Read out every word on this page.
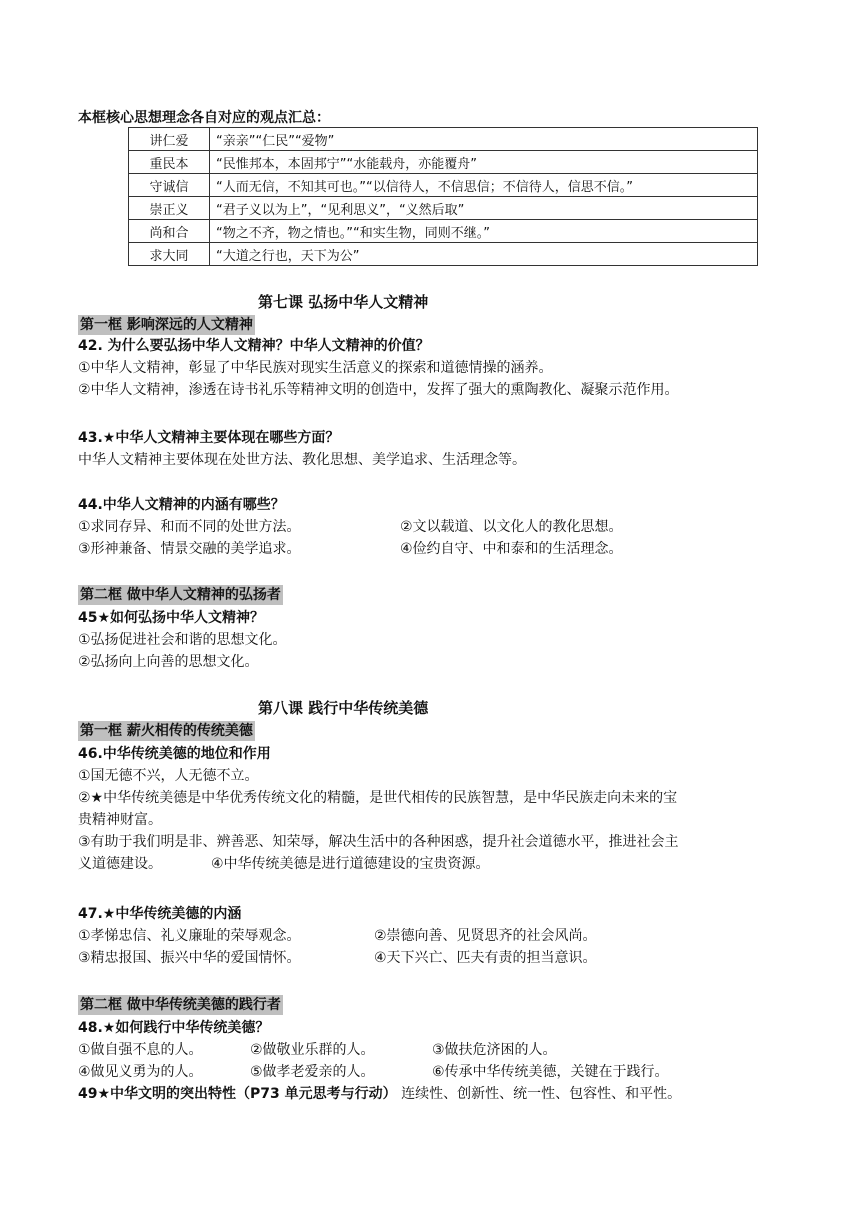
本框核心思想理念各自对应的观点汇总：
讲仁爱	“亲亲”“仁民”“爱物”
重民本	“民惟邦本，本固邦宁”“水能载舟，亦能覆舟”
守诚信	“人而无信，不知其可也。”“以信待人，不信思信；不信待人，信思不信。”
崇正义	“君子义以为上”，“见利思义”，“义然后取”
尚和合	“物之不齐，物之情也。”“和实生物，同则不继。”
求大同	“大道之行也，天下为公”
第七课 弘扬中华人文精神
第一框 影响深远的人文精神
42. 为什么要弘扬中华人文精神？中华人文精神的价值？
①中华人文精神，彰显了中华民族对现实生活意义的探索和道德情操的涵养。
②中华人文精神，渗透在诗书礼乐等精神文明的创造中，发挥了强大的熏陶教化、凝聚示范作用。
43.★中华人文精神主要体现在哪些方面？
中华人文精神主要体现在处世方法、教化思想、美学追求、生活理念等。
44.中华人文精神的内涵有哪些？
①求同存异、和而不同的处世方法。	②文以载道、以文化人的教化思想。
③形神兼备、情景交融的美学追求。	④俭约自守、中和泰和的生活理念。
第二框 做中华人文精神的弘扬者
45★如何弘扬中华人文精神？
①弘扬促进社会和谐的思想文化。
②弘扬向上向善的思想文化。
第八课 践行中华传统美德
第一框 薪火相传的传统美德
46.中华传统美德的地位和作用
①国无德不兴，人无德不立。
②★中华传统美德是中华优秀传统文化的精髓，是世代相传的民族智慧，是中华民族走向未来的宝
贵精神财富。
③有助于我们明是非、辨善恶、知荣辱，解决生活中的各种困惑，提升社会道德水平，推进社会主
义道德建设。	④中华传统美德是进行道德建设的宝贵资源。
47.★中华传统美德的内涵
①孝悌忠信、礼义廉耻的荣辱观念。	②崇德向善、见贤思齐的社会风尚。
③精忠报国、振兴中华的爱国情怀。	④天下兴亡、匹夫有责的担当意识。
第二框 做中华传统美德的践行者
48.★如何践行中华传统美德？
①做自强不息的人。	②做敬业乐群的人。	③做扶危济困的人。
④做见义勇为的人。	⑤做孝老爱亲的人。	⑥传承中华传统美德，关键在于践行。
49★中华文明的突出特性（P73 单元思考与行动） 连续性、创新性、统一性、包容性、和平性。
